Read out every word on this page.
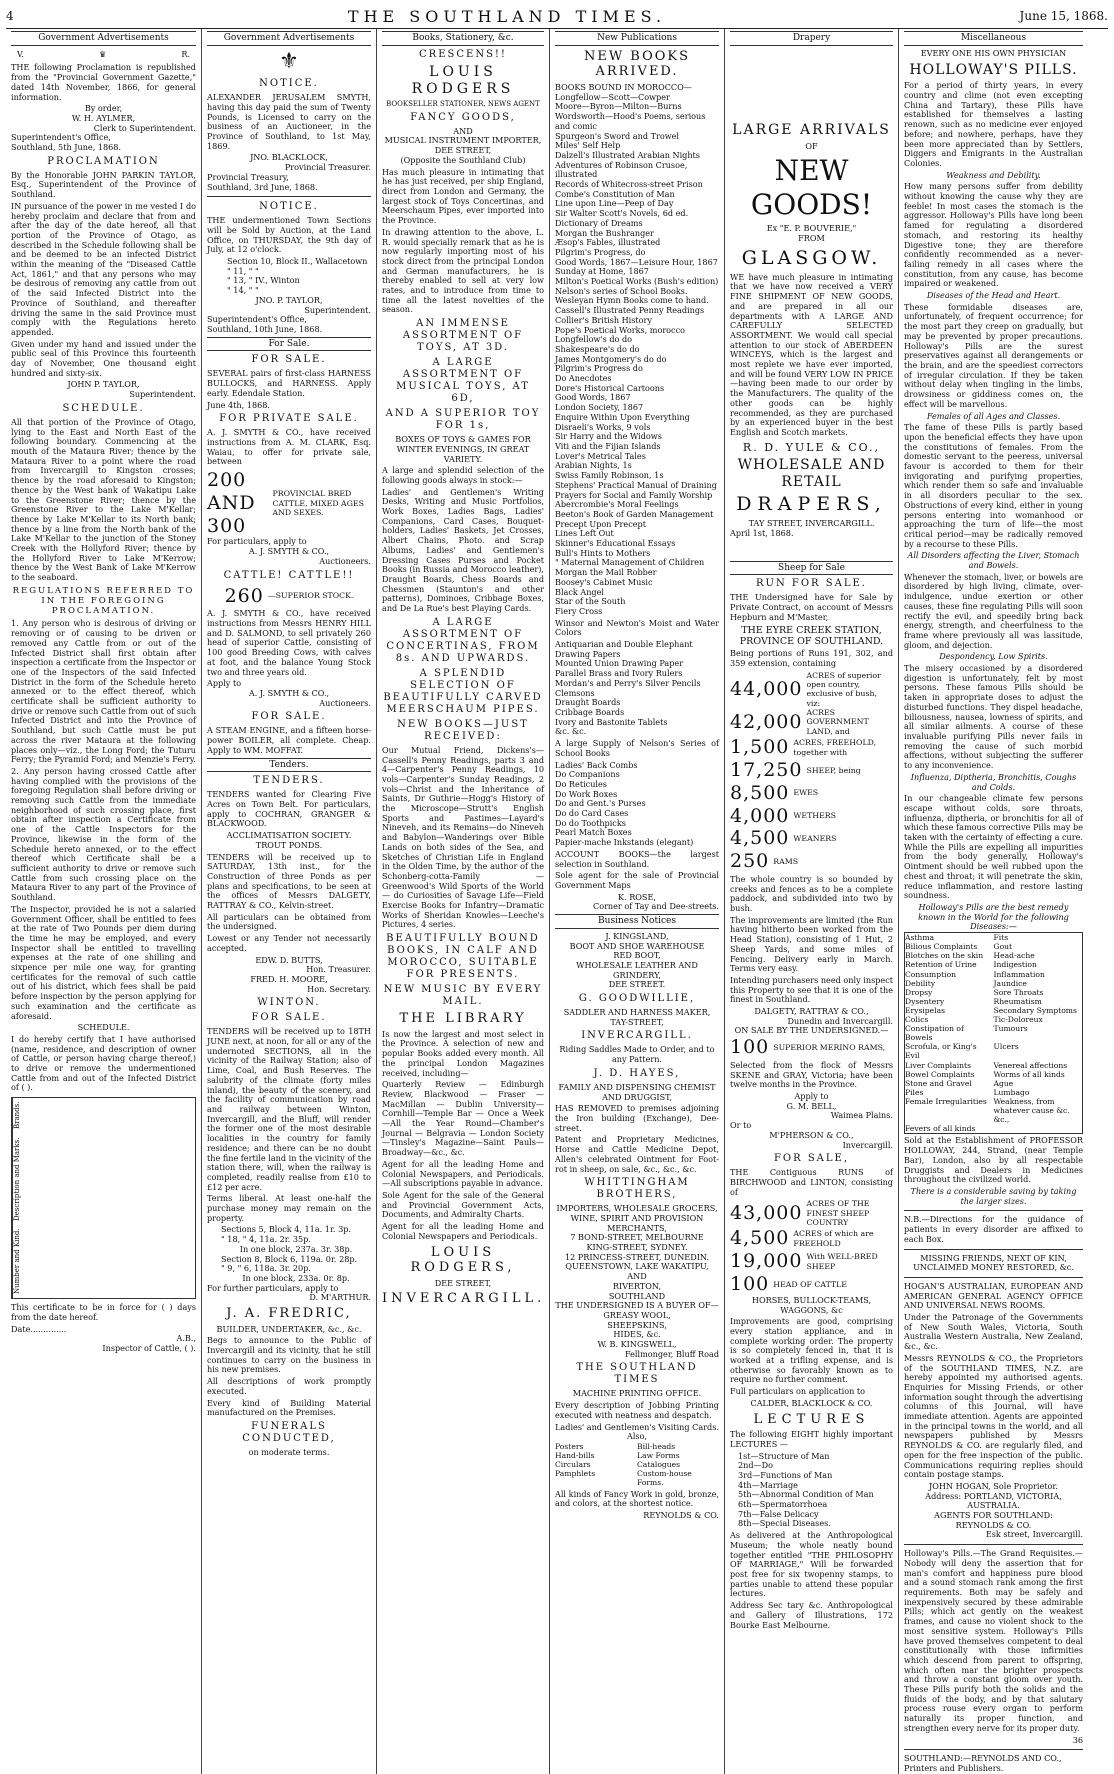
4	THE SOUTHLAND TIMES.	June 15, 1868.
Government Advertisements
V.	♛	R.

THE following Proclamation is republished from the "Provincial Government Gazette," dated 14th November, 1866, for general information.

By order,
W. H. AYLMER,
Clerk to Superintendent.
Superintendent's Office,
Southland, 5th June, 1868.
PROCLAMATION

By the Honorable JOHN PARKIN TAYLOR, Esq., Superintendent of the Province of Southland.

IN pursuance of the power in me vested I do hereby proclaim and declare that from and after the day of the date hereof, all that portion of the Province of Otago, as described in the Schedule following shall be and be deemed to be an infected District within the meaning of the "Diseased Cattle Act, 1861," and that any persons who may be desirous of removing any cattle from out of the said Infected District into the Province of Southland, and thereafter driving the same in the said Province must comply with the Regulations hereto appended.

Given under my hand and issued under the public seal of this Province this fourteenth day of November, One thousand eight hundred and sixty-six.

JOHN P. TAYLOR,
Superintendent.
SCHEDULE.

All that portion of the Province of Otago, lying to the East and North East of the following boundary. Commencing at the mouth of the Mataura River; thence by the Mataura River to a point where the road from Invercargill to Kingston crosses; thence by the road aforesaid to Kingston; thence by the West bank of Wakatipu Lake to the Greenstone River; thence by the Greenstone River to the Lake M'Kellar; thence by Lake M'Kellar to its North bank; thence by a line from the North bank of the Lake M'Kellar to the junction of the Stoney Creek with the Hollyford River; thence by the Hollyford River to Lake M'Kerrow; thence by the West Bank of Lake M'Kerrow to the seaboard.

REGULATIONS REFERRED TO IN THE FOREGOING PROCLAMATION.

1. Any person who is desirous of driving or removing or of causing to be driven or removed any Cattle from or out of the Infected District shall first obtain after inspection a certificate from the Inspector or one of the Inspectors of the said Infected District in the form of the Schedule hereto annexed or to the effect thereof, which certificate shall be sufficient authority to drive or remove such Cattle from out of such Infected District and into the Province of Southland, but such Cattle must be put across the river Mataura at the following places only—viz., the Long Ford; the Tuturu Ferry; the Pyramid Ford; and Menzie's Ferry.

2. Any person having crossed Cattle after having complied with the provisions of the foregoing Regulation shall before driving or removing such Cattle from the immediate neighborhood of such crossing place, first obtain after inspection a Certificate from one of the Cattle Inspectors for the Province, likewise in the form of the Schedule hereto annexed, or to the effect thereof which Certificate shall be a sufficient authority to drive or remove such Cattle from such crossing place on the Mataura River to any part of the Province of Southland.

The Inspector, provided he is not a salaried Government Officer, shall be entitled to fees at the rate of Two Pounds per diem during the time he may be employed, and every Inspector shall be entitled to travelling expenses at the rate of one shilling and sixpence per mile one way, for granting certificates for the removal of such cattle out of his district, which fees shall be paid before inspection by the person applying for such examination and the certificate as aforesaid.

SCHEDULE.

I do hereby certify that I have authorised (name, residence, and description of owner of Cattle, or person having charge thereof,) to drive or remove the undermentioned Cattle from and out of the Infected District of ( ).

Number and Kind.
Description and Marks.
Brands.

This certificate to be in force for ( ) days from the date hereof.

Date..............
A.B.,
Inspector of Cattle, ( ).
Government Advertisements
⚜
NOTICE.

ALEXANDER JERUSALEM SMYTH, having this day paid the sum of Twenty Pounds, is Licensed to carry on the business of an Auctioneer, in the Province of Southland, to 1st May, 1869.

JNO. BLACKLOCK,
Provincial Treasurer.
Provincial Treasury,
Southland, 3rd June, 1868.
NOTICE.

THE undermentioned Town Sections will be Sold by Auction, at the Land Office, on THURSDAY, the 9th day of July, at 12 o'clock.

Section 10, Block II., Wallacetown
" 11, " "
" 13, " IV., Winton
" 14, " "
JNO. P. TAYLOR,
Superintendent.
Superintendent's Office,
Southland, 10th June, 1868.
For Sale.
FOR SALE.

SEVERAL pairs of first-class HARNESS BULLOCKS, and HARNESS. Apply early. Edendale Station.

June 4th, 1868.
FOR PRIVATE SALE.

A. J. SMYTH & CO., have received instructions from A. M. CLARK, Esq. Waiau, to offer for private sale, between

200 AND 300
PROVINCIAL BRED CATTLE, MIXED AGES AND SEXES.
For particulars, apply to
A. J. SMYTH & CO.,
Auctioneers.
CATTLE! CATTLE!!
260 —SUPERIOR STOCK.

A. J. SMYTH & CO., have received instructions from Messrs HENRY HILL and D. SALMOND, to sell privately 260 head of superior Cattle, consisting of 100 good Breeding Cows, with calves at foot, and the balance Young Stock two and three years old.

Apply to
A. J. SMYTH & CO.,
Auctioneers.
FOR SALE.

A STEAM ENGINE, and a fifteen horse-power BOILER, all complete. Cheap. Apply to WM. MOFFAT.

Tenders.
TENDERS.

TENDERS wanted for Clearing Five Acres on Town Belt. For particulars, apply to COCHRAN, GRANGER & BLACKWOOD.

ACCLIMATISATION SOCIETY.
TROUT PONDS.

TENDERS will be received up to SATURDAY, 13th inst., for the Construction of three Ponds as per plans and specifications, to be seen at the offices of Messrs DALGETY, RATTRAY & CO., Kelvin-street.

All particulars can be obtained from the undersigned.

Lowest or any Tender not necessarily accepted.

EDW. D. BUTTS,
Hon. Treasurer.
FRED. H. MOORE,
Hon. Secretary.
WINTON.
FOR SALE.

TENDERS will be received up to 18TH JUNE next, at noon, for all or any of the undernoted SECTIONS, all in the vicinity of the Railway Station; also of Lime, Coal, and Bush Reserves. The salubrity of the climate (forty miles inland), the beauty of the scenery, and the facility of communication by road and railway between Winton, Invercargill, and the Bluff, will render the former one of the most desirable localities in the country for family residence; and there can be no doubt the fine fertile land in the vicinity of the station there, will, when the railway is completed, readily realise from £10 to £12 per acre.

Terms liberal. At least one-half the purchase money may remain on the property.

Sections 5, Block 4, 11a. 1r. 3p.
" 18, " 4, 11a. 2r. 35p.
In one block, 237a. 3r. 38p.
Section 8, Block 6, 119a. 0r. 28p.
" 9, " 6, 118a. 3r. 20p.
In one block, 233a. 0r. 8p.
For further particulars, apply to
D. M'ARTHUR.
J. A. FREDRIC,
BUILDER, UNDERTAKER, &c., &c.

Begs to announce to the Public of Invercargill and its vicinity, that he still continues to carry on the business in his new premises.

All descriptions of work promptly executed.

Every kind of Building Material manufactured on the Premises.

FUNERALS CONDUCTED,
on moderate terms.
Books, Stationery, &c.
CRESCENS!!
LOUIS RODGERS
BOOKSELLER STATIONER, NEWS AGENT
FANCY GOODS,
AND
MUSICAL INSTRUMENT IMPORTER,
DEE STREET,
(Opposite the Southland Club)

Has much pleasure in intimating that he has just received, per ship England, direct from London and Germany, the largest stock of Toys Concertinas, and Meerschaum Pipes, ever imported into the Province.

In drawing attention to the above, L. R. would specially remark that as he is now regularly importing most of his stock direct from the principal London and German manufacturers, he is thereby enabled to sell at very low rates, and to introduce from time to time all the latest novelties of the season.

AN IMMENSE ASSORTMENT OF TOYS, AT 3D.
A LARGE ASSORTMENT OF MUSICAL TOYS, AT 6D,
AND A SUPERIOR TOY FOR 1s,
BOXES OF TOYS & GAMES FOR WINTER EVENINGS, IN GREAT VARIETY.

A large and splendid selection of the following goods always in stock:—

Ladies' and Gentlemen's Writing Desks, Writing and Music Portfolios, Work Boxes, Ladies Bags, Ladies' Companions, Card Cases, Bouquet-holders, Ladies' Baskets, Jet Crosses, Albert Chains, Photo. and Scrap Albums, Ladies' and Gentlemen's Dressing Cases Purses and Pocket Books (in Russia and Morocco leather), Draught Boards, Chess Boards and Chessmen (Staunton's and other patterns), Dominoes, Cribbage Boxes, and De La Rue's best Playing Cards.

A LARGE ASSORTMENT OF CONCERTINAS, FROM 8s. AND UPWARDS.
A SPLENDID SELECTION OF BEAUTIFULLY CARVED MEERSCHAUM PIPES.
NEW BOOKS—JUST RECEIVED:

Our Mutual Friend, Dickens's—Cassell's Penny Readings, parts 3 and 4—Carpenter's Penny Readings, 10 vols—Carpenter's Sunday Readings, 2 vols—Christ and the Inheritance of Saints, Dr Guthrie—Hogg's History of the Microscope—Strutt's English Sports and Pastimes—Layard's Nineveh, and its Remains—do Nineveh and Babylon—Wanderings over Bible Lands on both sides of the Sea, and Sketches of Christian Life in England in the Olden Time, by the author of the Schonberg-cotta-Family — Greenwood's Wild Sports of the World — do Curiosities of Savage Life—Field Exercise Books for Infantry—Dramatic Works of Sheridan Knowles—Leeche's Pictures, 4 series.

BEAUTIFULLY BOUND BOOKS, IN CALF AND MOROCCO, SUITABLE FOR PRESENTS.
NEW MUSIC BY EVERY MAIL.
THE LIBRARY

Is now the largest and most select in the Province. A selection of new and popular Books added every month. All the principal London Magazines received, including—

Quarterly Review — Edinburgh Review, Blackwood — Fraser — MacMillan — Dublin University—Cornhill—Temple Bar — Once a Week—All the Year Round—Chamber's Journal — Belgravia — London Society—Tinsley's Magazine—Saint Pauls—Broadway—&c., &c.

Agent for all the leading Home and Colonial Newspapers, and Periodicals.—All subscriptions payable in advance.

Sole Agent for the sale of the General and Provincial Government Acts, Documents, and Admiralty Charts.

Agent for all the leading Home and Colonial Newspapers and Periodicals.

LOUIS RODGERS,
DEE STREET,
INVERCARGILL.
New Publications
NEW BOOKS ARRIVED.
BOOKS BOUND IN MOROCCO—
Longfellow—Scott—Cowper
Moore—Byron—Milton—Burns
Wordsworth—Hood's Poems, serious and comic
Spurgeon's Sword and Trowel
Miles' Self Help
Dalzell's Illustrated Arabian Nights
Adventures of Robinson Crusoe, illustrated
Records of Whitecross-street Prison
Combe's Constitution of Man
Line upon Line—Peep of Day
Sir Walter Scott's Novels, 6d ed.
Dictionary of Dreams
Morgan the Bushranger
Æsop's Fables, illustrated
Pilgrim's Progress, do
Good Words, 1867—Leisure Hour, 1867
Sunday at Home, 1867
Milton's Poetical Works (Bush's edition)
Nelson's series of School Books.
Wesleyan Hymn Books come to hand.
Cassell's Illustrated Penny Readings
Collier's British History
Pope's Poetical Works, morocco
Longfellow's do do
Shakespeare's do do
James Montgomery's do do
Pilgrim's Progress do
Do Anecdotes
Dore's Historical Cartoons
Good Words, 1867
London Society, 1867
Enquire Within Upon Everything
Disraeli's Works, 9 vols
Sir Harry and the Widows
Viti and the Fijian Islands
Lover's Metrical Tales
Arabian Nights, 1s
Swiss Family Robinson, 1s
Stephens' Practical Manual of Draining
Prayers for Social and Family Worship
Abercrombie's Moral Feelings
Beeton's Book of Garden Management
Precept Upon Precept
Lines Left Out
Skinner's Educational Essays
Bull's Hints to Mothers
" Maternal Management of Children
Morgan the Mail Robber
Boosey's Cabinet Music
Black Angel
Star of the South
Fiery Cross

Winsor and Newton's Moist and Water Colors

Antiquarian and Double Elephant Drawing Papers
Mounted Union Drawing Paper
Parallel Brass and Ivory Rulers
Mordan's and Perry's Silver Pencils
Clemsons
Draught Boards
Cribbage Boards
Ivory and Bastonite Tablets
&c. &c.

A large Supply of Nelson's Series of School Books

Ladies' Back Combs
Do Companions
Do Reticules
Do Work Boxes
Do and Gent.'s Purses
Do do Card Cases
Do do Toothpicks
Pearl Match Boxes
Papier-mache Inkstands (elegant)

ACCOUNT BOOKS—the largest selection in Southland.

Sole agent for the sale of Provincial Government Maps

K. ROSE,
Corner of Tay and Dee-streets.
Business Notices
J. KINGSLAND,
BOOT AND SHOE WAREHOUSE
RED BOOT,
WHOLESALE LEATHER AND GRINDERY,
DEE STREET.
G. GOODWILLIE,
SADDLER AND HARNESS MAKER,
TAY-STREET,
INVERCARGILL.
Riding Saddles Made to Order, and to any Pattern.
J. D. HAYES,
FAMILY AND DISPENSING CHEMIST AND DRUGGIST,

HAS REMOVED to premises adjoining the Iron building (Exchange), Dee-street.

Patent and Proprietary Medicines, Horse and Cattle Medicine Depot, Allen's celebrated Ointment for Foot-rot in sheep, on sale, &c., &c., &c.

WHITTINGHAM BROTHERS,
IMPORTERS, WHOLESALE GROCERS,
WINE, SPIRIT AND PROVISION MERCHANTS,
7 BOND-STREET, MELBOURNE
KING-STREET, SYDNEY.
12 PRINCESS-STREET, DUNEDIN.
QUEENSTOWN, LAKE WAKATIPU,
AND
RIVERTON,
SOUTHLAND
THE UNDERSIGNED IS A BUYER OF—
GREASY WOOL,
SHEEPSKINS,
HIDES, &c.
W. B. KINGSWELL,
Fellmonger, Bluff Road
THE SOUTHLAND TIMES
MACHINE PRINTING OFFICE.

Every description of Jobbing Printing executed with neatness and despatch.

Ladies' and Gentlemen's Visiting Cards.
Also,
Posters	Bill-heads
Hand-bills	Law Forms
Circulars	Catalogues
Pamphlets	Custom-house Forms.

All kinds of Fancy Work in gold, bronze, and colors, at the shortest notice.

REYNOLDS & CO.
Drapery
LARGE ARRIVALS
OF
NEW GOODS!
Ex "E. P. BOUVERIE,"
FROM
GLASGOW.

WE have much pleasure in intimating that we have now received a VERY FINE SHIPMENT OF NEW GOODS, and are prepared in all our departments with A LARGE AND CAREFULLY SELECTED ASSORTMENT. We would call special attention to our stock of ABERDEEN WINCEYS, which is the largest and most replete we have ever imported, and will be found VERY LOW IN PRICE—having been made to our order by the Manufacturers. The quality of the other goods can be highly recommended, as they are purchased by an experienced buyer in the best English and Scotch markets.

R. D. YULE & CO.,
WHOLESALE AND RETAIL
DRAPERS,
TAY STREET, INVERCARGILL.
April 1st, 1868.
Sheep for Sale
RUN FOR SALE.

THE Undersigned have for Sale by Private Contract, on account of Messrs Hepburn and M'Master,

THE EYRE CREEK STATION, PROVINCE OF SOUTHLAND.

Being portions of Runs 191, 302, and 359 extension, containing

44,000
ACRES of superior open country, exclusive of bush, viz:
42,000 ACRES GOVERNMENT LAND, and
1,500 ACRES, FREEHOLD, together with
17,250 SHEEP, being
8,500 EWES
4,000 WETHERS
4,500 WEANERS
250 RAMS

The whole country is so bounded by creeks and fences as to be a complete paddock, and subdivided into two by bush.

The improvements are limited (the Run having hitherto been worked from the Head Station), consisting of 1 Hut, 2 Sheep Yards, and some miles of Fencing. Delivery early in March. Terms very easy.

Intending purchasers need only inspect this Property to see that it is one of the finest in Southland.

DALGETY, RATTRAY & CO.,
Dunedin and Invercargill.
ON SALE BY THE UNDERSIGNED.—
100 SUPERIOR MERINO RAMS,

Selected from the flock of Messrs SKENE and GRAY, Victoria; have been twelve months in the Province.

Apply to
G. M. BELL,
Waimea Plains.
Or to
M'PHERSON & CO.,
Invercargill.
FOR SALE,

THE Contiguous RUNS of BIRCHWOOD and LINTON, consisting of

43,000 ACRES OF THE FINEST SHEEP COUNTRY
4,500 ACRES of which are FREEHOLD
19,000 With WELL-BRED SHEEP
100 HEAD OF CATTLE
HORSES, BULLOCK-TEAMS, WAGGONS, &c

Improvements are good, comprising every station appliance, and in complete working order. The property is so completely fenced in, that it is worked at a trifling expense, and is otherwise so favorably known as to require no further comment.

Full particulars on application to

CALDER, BLACKLOCK & CO.
LECTURES

The following EIGHT highly important LECTURES —

1st—Structure of Man
2nd—Do
3rd—Functions of Man
4th—Marriage
5th—Abnormal Condition of Man
6th—Spermatorrhoea
7th—False Delicacy
8th—Special Diseases.

As delivered at the Anthropological Museum; the whole neatly bound together entitled "THE PHILOSOPHY OF MARRIAGE," Will be forwarded post free for six twopenny stamps, to parties unable to attend these popular lectures.

Address Sec tary &c. Anthropological and Gallery of Illustrations, 172 Bourke East Melbourne.

Miscellaneous
EVERY ONE HIS OWN PHYSICIAN
HOLLOWAY'S PILLS.

For a period of thirty years, in every country and clime (not even excepting China and Tartary), these Pills have established for themselves a lasting renown, such as no medicine ever enjoyed before; and nowhere, perhaps, have they been more appreciated than by Settlers, Diggers and Emigrants in the Australian Colonies.

Weakness and Debility.

How many persons suffer from debility without knowing the cause why they are feeble! In most cases the stomach is the aggressor. Holloway's Pills have long been famed for regulating a disordered stomach, and restoring its healthy Digestive tone; they are therefore confidently recommended as a never-failing remedy in all cases where the constitution, from any cause, has become impaired or weakened.

Diseases of the Head and Heart.

These formidable diseases are, unfortunately, of frequent occurrence; for the most part they creep on gradually, but may be prevented by proper precautions. Holloway's Pills are the surest preservatives against all derangements or the brain, and are the speediest correctors of irregular circulation. If they be taken without delay when tingling in the limbs, drowsiness or giddiness comes on, the effect will be marvellous.

Females of all Ages and Classes.

The fame of these Pills is partly based upon the beneficial effects they have upon the constitutions of females. From the domestic servant to the peeress, universal favour is accorded to them for their invigorating and purifying properties, which render them so safe and invaluable in all disorders peculiar to the sex. Obstructions of every kind, either in young persons entering into womanhood or approaching the turn of life—the most critical period—may be radically removed by a recourse to these Pills.

All Disorders affecting the Liver, Stomach and Bowels.

Whenever the stomach, liver, or bowels are disordered by high living, climate, over-indulgence, undue exertion or other causes, these fine regulating Pills will soon rectify the evil, and speedily bring back energy, strength, and cheerfulness to the frame where previously all was lassitude, gloom, and dejection.

Despondency, Low Spirits.

The misery occasioned by a disordered digestion is unfortunately, felt by most persons. These famous Pills should be taken in appropriate doses to adjust the disturbed functions. They dispel headache, biliousness, nausea, lowness of spirits, and all similar ailments. A course of these invaluable purifying Pills never fails in removing the cause of such morbid affections, without subjecting the sufferer to any inconvenience.

Influenza, Diptheria, Bronchitis, Coughs and Colds.

In our changeable climate few persons escape without colds, sore throats, influenza, diptheria, or bronchitis for all of which these famous corrective Pills may be taken with the certainty of effecting a cure. While the Pills are expelling all impurities from the body generally, Holloway's Ointment should be well rubbed upon the chest and throat; it will penetrate the skin, reduce inflammation, and restore lasting soundness.

Holloway's Pills are the best remedy known in the World for the following Diseases:—
Asthma	Fits
Bilious Complaints	Gout
Blotches on the skin	Head-ache
Retention of Urine	Indigestion
Consumption	Inflammation
Debility	Jaundice
Dropsy	Sore Throats
Dysentery	Rheumatism
Erysipelas	Secondary Symptoms
Colics	Tic-Doloreux
Constipation of Bowels
Tumours
Scrofula, or King's Evil
Ulcers
Liver Complaints	Venereal affections
Bowel Complaints	Worms of all kinds
Stone and Gravel	Ague
Piles	Lumbago
Female Irregularities Weakness, from whatever cause &c. &c.,
Fevers of all kinds

Sold at the Establishment of PROFESSOR HOLLOWAY, 244, Strand, (near Temple Bar), London, also by all respectable Druggists and Dealers in Medicines throughout the civilized world.

There is a considerable saving by taking the larger sizes.

N.B.—Directions for the guidance of patients in every disorder are affixed to each Box.

MISSING FRIENDS, NEXT OF KIN, UNCLAIMED MONEY RESTORED, &c.

HOGAN'S AUSTRALIAN, EUROPEAN AND AMERICAN GENERAL AGENCY OFFICE AND UNIVERSAL NEWS ROOMS.

Under the Patronage of the Governments of New South Wales, Victoria, South Australia Western Australia, New Zealand, &c., &c.

Messrs REYNOLDS & CO., the Proprietors of the SOUTHLAND TIMES, N.Z. are hereby appointed my authorised agents. Enquiries for Missing Friends, or other information sought through the advertising columns of this Journal, will have immediate attention. Agents are appointed in the principal towns in the world, and all newspapers published by Messrs REYNOLDS & CO. are regularly filed, and open for the free inspection of the public. Communications requiring replies should contain postage stamps.

JOHN HOGAN, Sole Proprietor.
Address: PORTLAND, VICTORIA, AUSTRALIA.
AGENTS FOR SOUTHLAND:
REYNOLDS & CO.
Esk street, Invercargill.

Holloway's Pills.—The Grand Requisites.—Nobody will deny the assertion that for man's comfort and happiness pure blood and a sound stomach rank among the first requirements. Both may be safely and inexpensively secured by these admirable Pills; which act gently on the weakest frames, and cause no violent shock to the most sensitive system. Holloway's Pills have proved themselves competent to deal constitutionally with those infirmities which descend from parent to offspring, which often mar the brighter prospects and throw a constant gloom over youth. These Pills purify both the solids and the fluids of the body, and by that salutary process rouse every organ to perform naturally its proper function, and strengthen every nerve for its proper duty.

36
SOUTHLAND:—REYNOLDS AND CO., Printers and Publishers.
